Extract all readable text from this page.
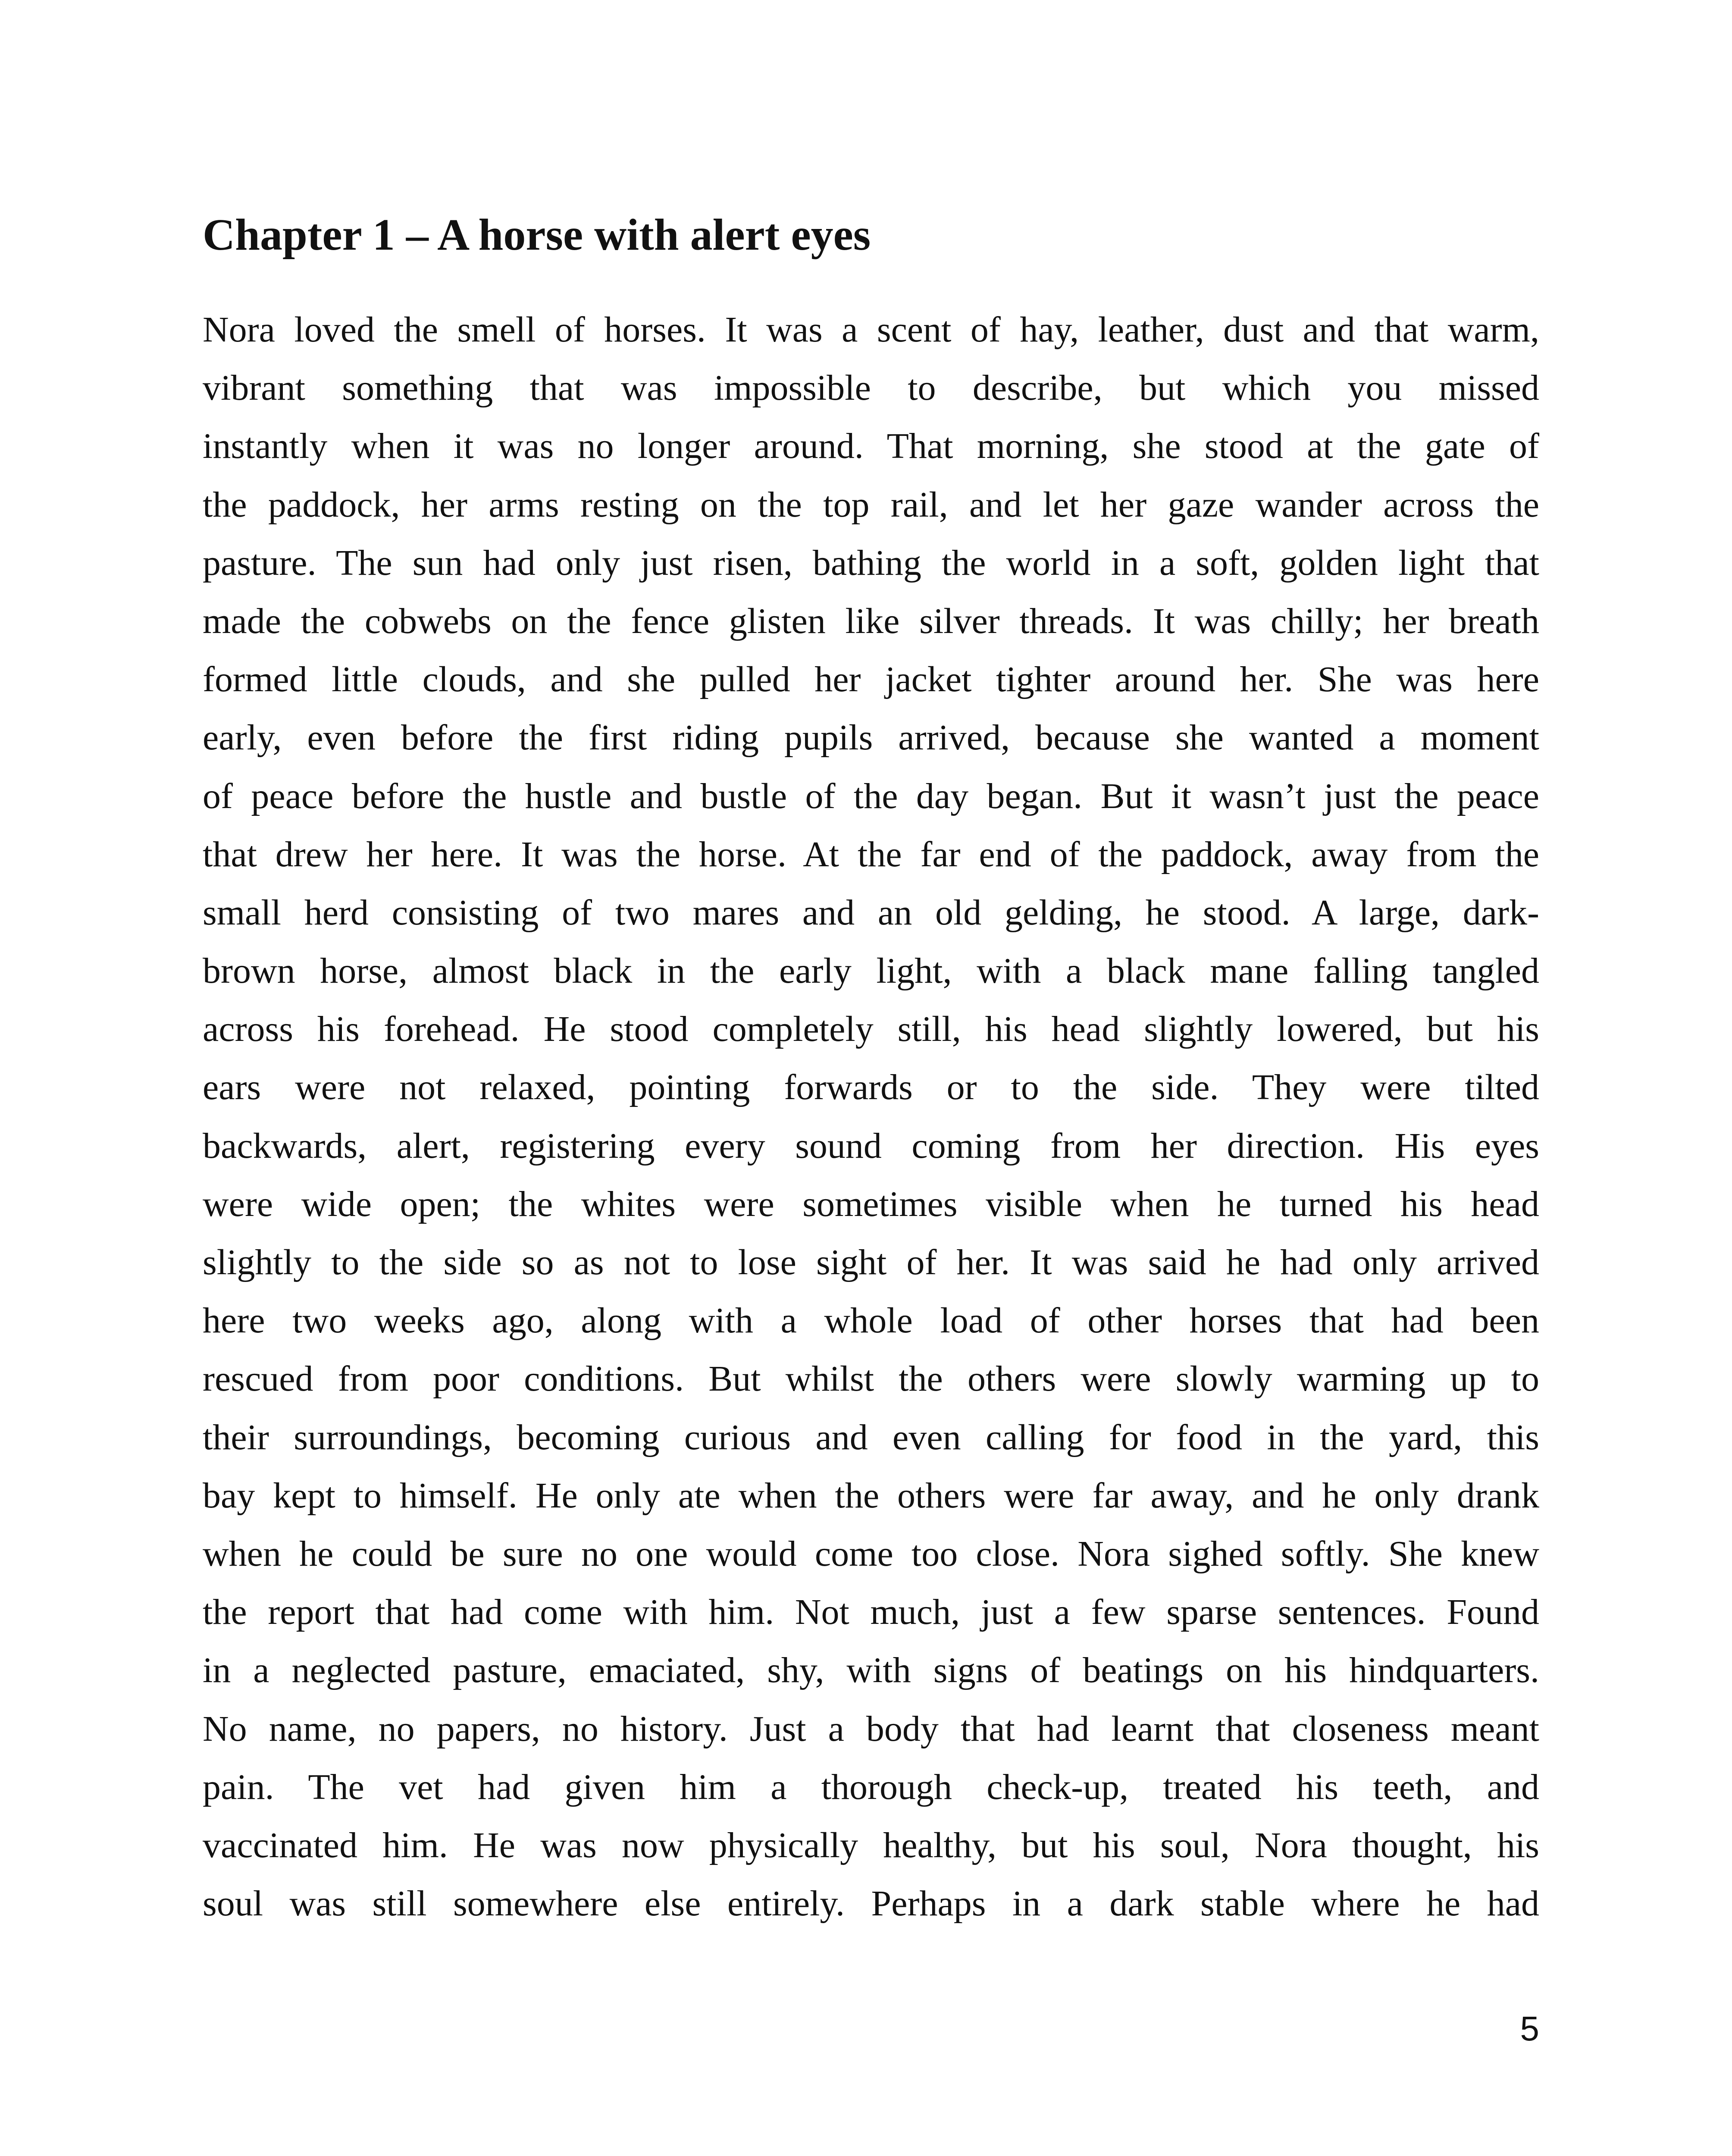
Chapter 1 – A horse with alert eyes
Nora loved the smell of horses. It was a scent of hay, leather, dust and that warm,
vibrant something that was impossible to describe, but which you missed
instantly when it was no longer around. That morning, she stood at the gate of
the paddock, her arms resting on the top rail, and let her gaze wander across the
pasture. The sun had only just risen, bathing the world in a soft, golden light that
made the cobwebs on the fence glisten like silver threads. It was chilly; her breath
formed little clouds, and she pulled her jacket tighter around her. She was here
early, even before the first riding pupils arrived, because she wanted a moment
of peace before the hustle and bustle of the day began. But it wasn’t just the peace
that drew her here. It was the horse. At the far end of the paddock, away from the
small herd consisting of two mares and an old gelding, he stood. A large, dark-
brown horse, almost black in the early light, with a black mane falling tangled
across his forehead. He stood completely still, his head slightly lowered, but his
ears were not relaxed, pointing forwards or to the side. They were tilted
backwards, alert, registering every sound coming from her direction. His eyes
were wide open; the whites were sometimes visible when he turned his head
slightly to the side so as not to lose sight of her. It was said he had only arrived
here two weeks ago, along with a whole load of other horses that had been
rescued from poor conditions. But whilst the others were slowly warming up to
their surroundings, becoming curious and even calling for food in the yard, this
bay kept to himself. He only ate when the others were far away, and he only drank
when he could be sure no one would come too close. Nora sighed softly. She knew
the report that had come with him. Not much, just a few sparse sentences. Found
in a neglected pasture, emaciated, shy, with signs of beatings on his hindquarters.
No name, no papers, no history. Just a body that had learnt that closeness meant
pain. The vet had given him a thorough check-up, treated his teeth, and
vaccinated him. He was now physically healthy, but his soul, Nora thought, his
soul was still somewhere else entirely. Perhaps in a dark stable where he had
5
